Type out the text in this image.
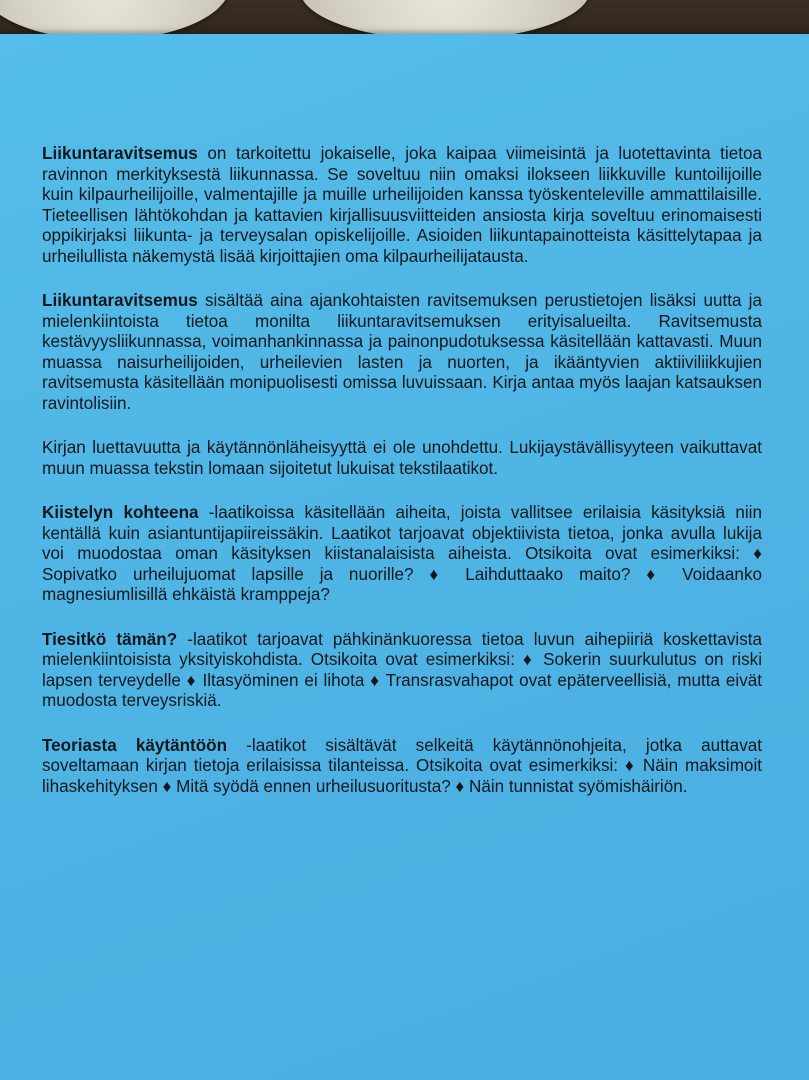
Liikuntaravitsemus on tarkoitettu jokaiselle, joka kaipaa viimeisintä ja luotettavinta tietoa ravinnon merkityksestä liikunnassa. Se soveltuu niin omaksi ilokseen liikkuville kuntoilijoille kuin kilpaurheilijoille, valmentajille ja muille urheilijoiden kanssa työskenteleville ammattilaisille. Tieteellisen lähtökohdan ja kattavien kirjallisuusviitteiden ansiosta kirja soveltuu erinomaisesti oppikirjaksi liikunta- ja terveysalan opiskelijoille. Asioiden liikuntapainotteista käsittelytapaa ja urheilullista näkemystä lisää kirjoittajien oma kilpaurheilijatausta.

Liikuntaravitsemus sisältää aina ajankohtaisten ravitsemuksen perustietojen lisäksi uutta ja mielenkiintoista tietoa monilta liikuntaravitsemuksen erityisalueilta. Ravitsemusta kestävyysliikunnassa, voimanhankinnassa ja painonpudotuksessa käsitellään kattavasti. Muun muassa naisurheilijoiden, urheilevien lasten ja nuorten, ja ikääntyvien aktiiviliikkujien ravitsemusta käsitellään monipuolisesti omissa luvuissaan. Kirja antaa myös laajan katsauksen ravintolisiin.

Kirjan luettavuutta ja käytännönläheisyyttä ei ole unohdettu. Lukijaystävällisyyteen vaikuttavat muun muassa tekstin lomaan sijoitetut lukuisat tekstilaatikot.

Kiistelyn kohteena -laatikoissa käsitellään aiheita, joista vallitsee erilaisia käsityksiä niin kentällä kuin asiantuntijapiireissäkin. Laatikot tarjoavat objektiivista tietoa, jonka avulla lukija voi muodostaa oman käsityksen kiistanalaisista aiheista. Otsikoita ovat esimerkiksi: ♦ Sopivatko urheilujuomat lapsille ja nuorille? ♦ Laihduttaako maito? ♦ Voidaanko magnesiumlisillä ehkäistä kramppeja?

Tiesitkö tämän? -laatikot tarjoavat pähkinänkuoressa tietoa luvun aihepiiriä koskettavista mielenkiintoisista yksityiskohdista. Otsikoita ovat esimerkiksi: ♦ Sokerin suurkulutus on riski lapsen terveydelle ♦ Iltasyöminen ei lihota ♦ Transrasvahapot ovat epäterveellisiä, mutta eivät muodosta terveysriskiä.

Teoriasta käytäntöön -laatikot sisältävät selkeitä käytännönohjeita, jotka auttavat soveltamaan kirjan tietoja erilaisissa tilanteissa. Otsikoita ovat esimerkiksi: ♦ Näin maksimoit lihaskehityksen ♦ Mitä syödä ennen urheilusuoritusta? ♦ Näin tunnistat syömishäiriön.
